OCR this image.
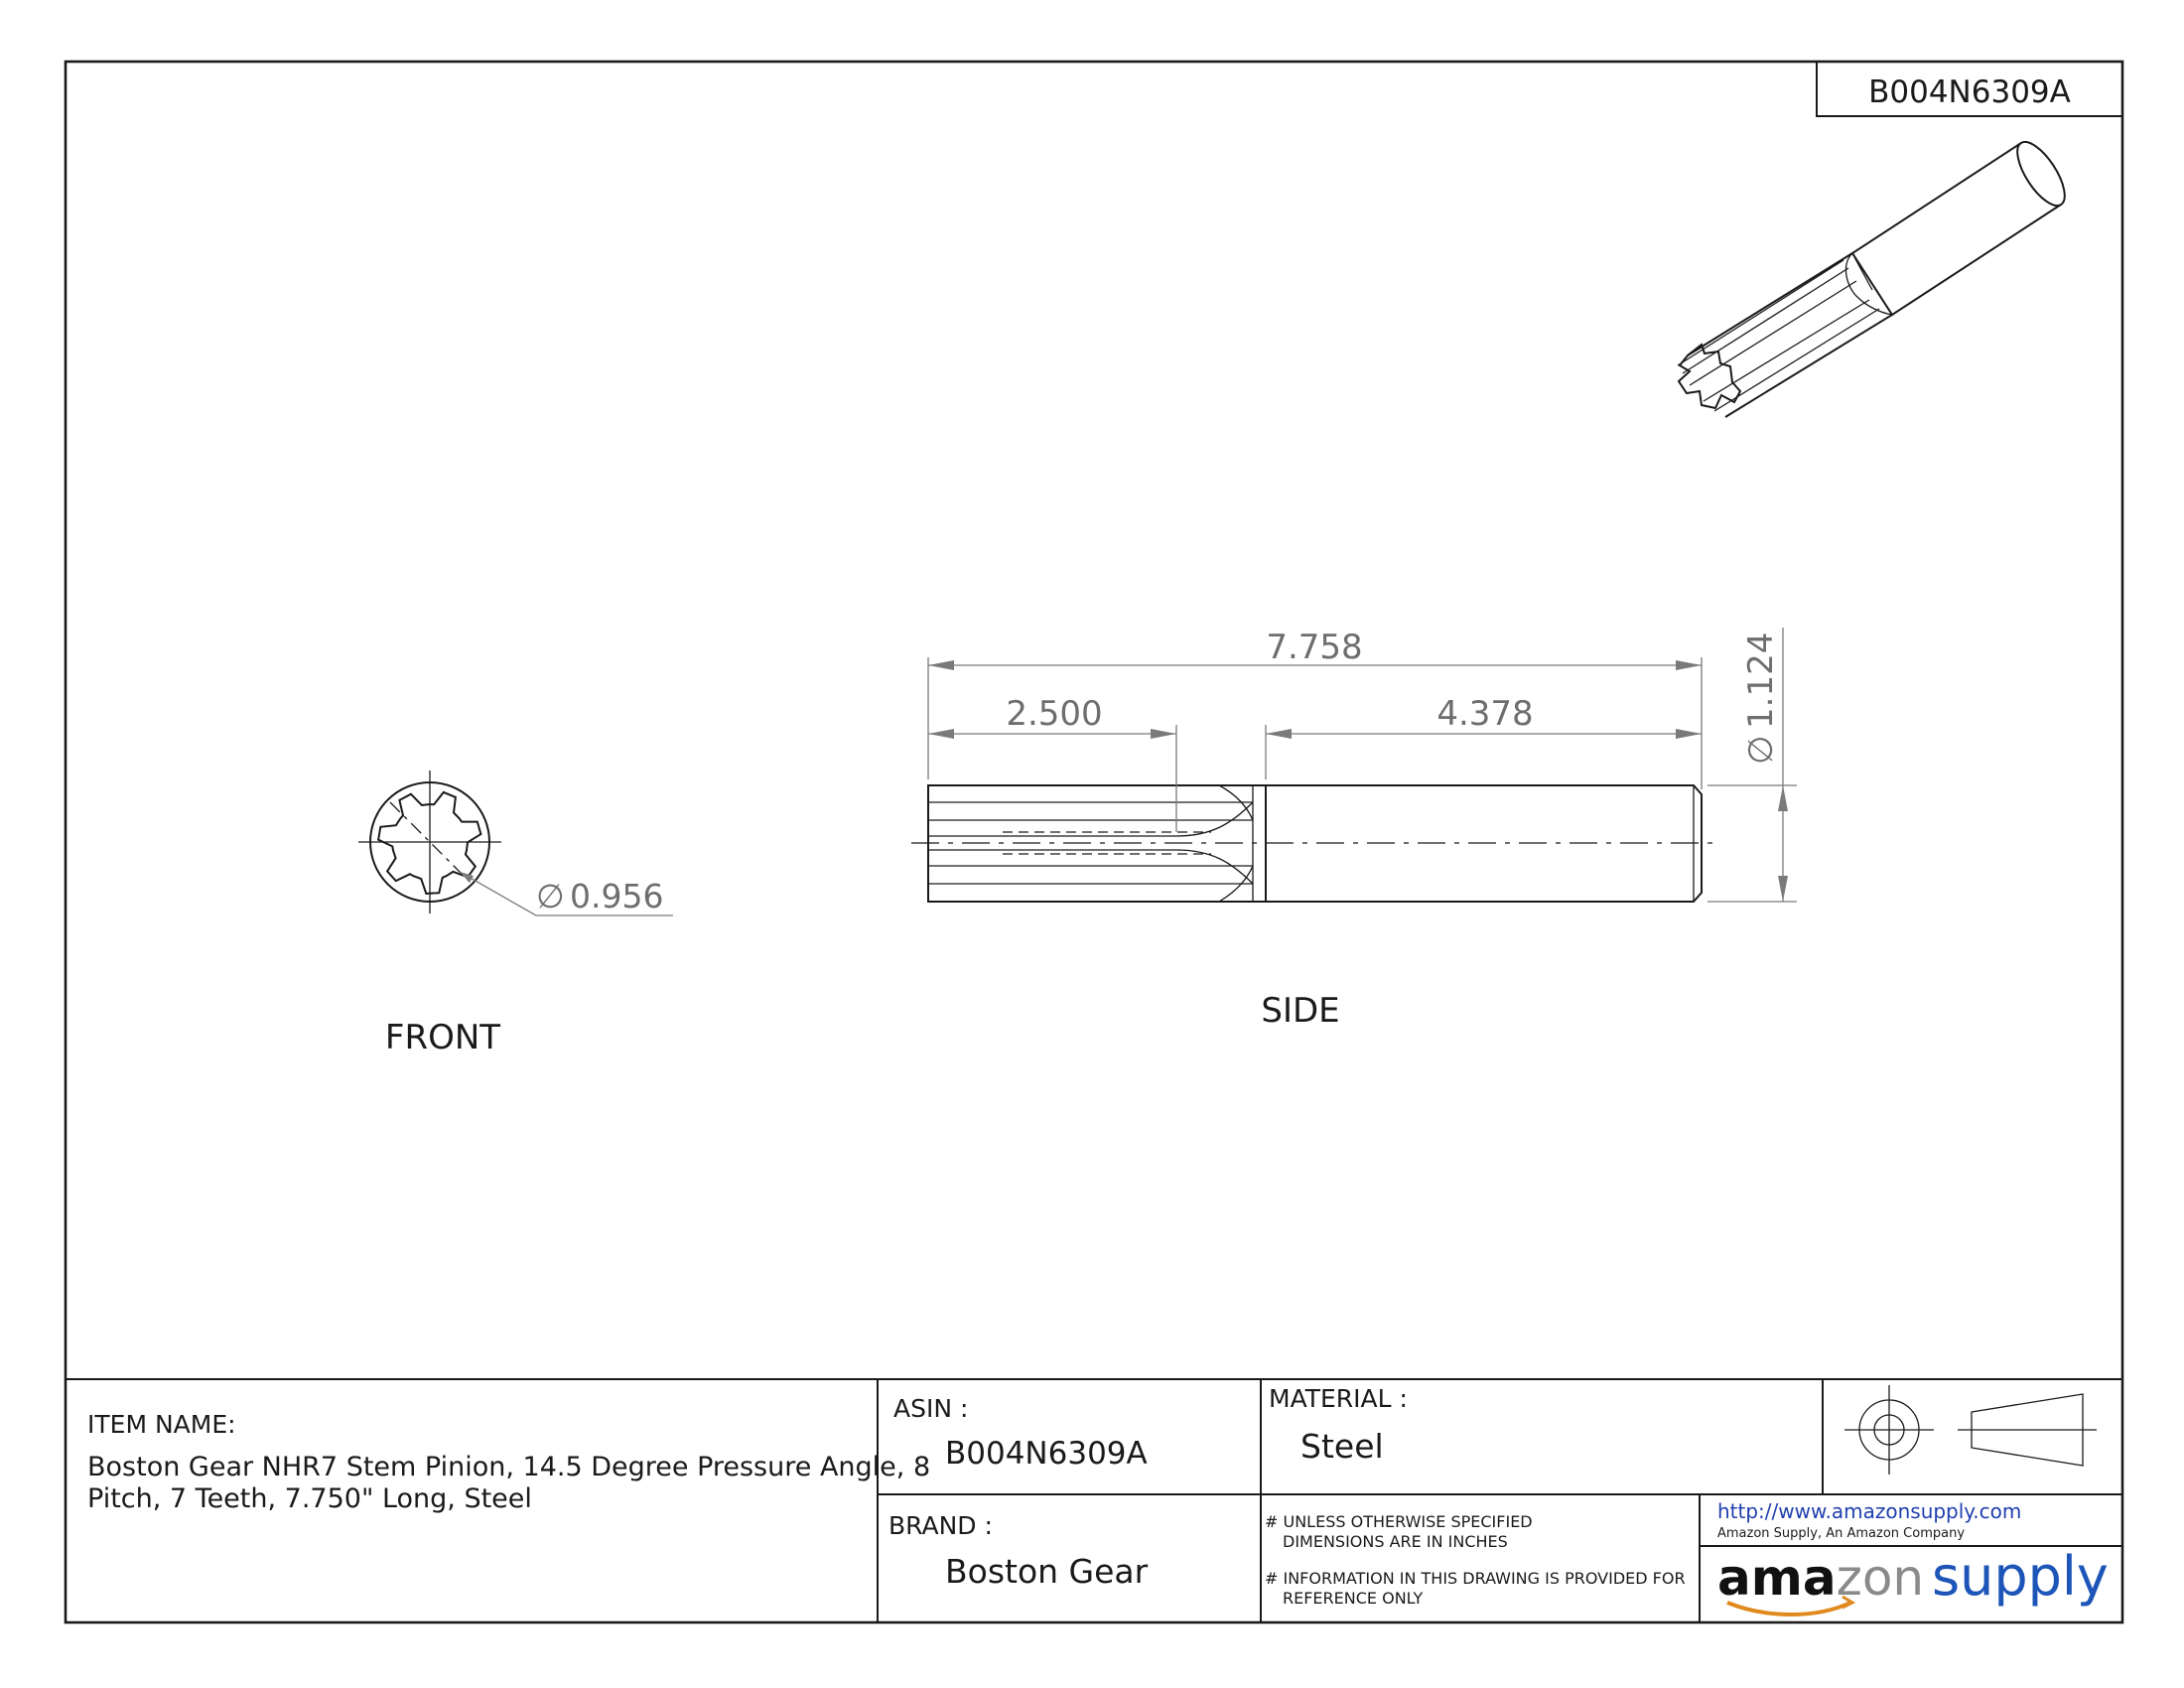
B004N6309A
∅ 0.956
FRONT
7.758
2.500	4.378
∅
1.124
SIDE
ITEM NAME:
Boston Gear NHR7 Stem Pinion, 14.5 Degree Pressure Angle, 8
Pitch, 7 Teeth, 7.750" Long, Steel
ASIN :
B004N6309A
BRAND :
Boston Gear
MATERIAL :
Steel
# UNLESS OTHERWISE SPECIFIED
DIMENSIONS ARE IN INCHES
# INFORMATION IN THIS DRAWING IS PROVIDED FOR
REFERENCE ONLY
http://www.amazonsupply.com
Amazon Supply, An Amazon Company
amazon supply
